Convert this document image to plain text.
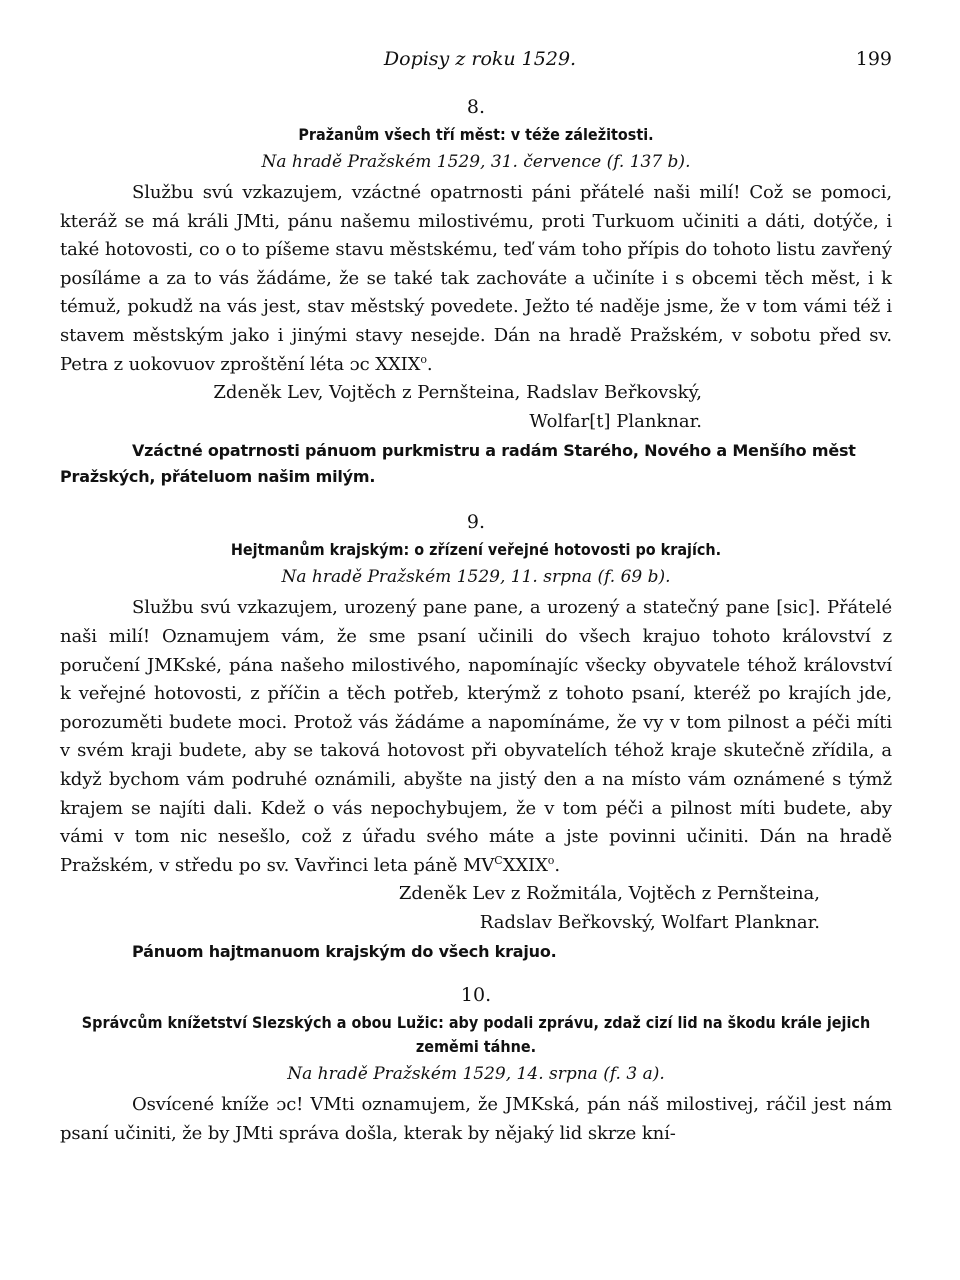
Dopisy z roku 1529.	199
8.
Pražanům všech tří měst: v téže záležitosti.
Na hradě Pražském 1529, 31. července (f. 137 b).

Službu svú vzkazujem, vzáctné opatrnosti páni přátelé naši milí! Což se pomoci, kteráž se má králi JMti, pánu našemu milostivému, proti Turkuom učiniti a dáti, dotýče, i také hotovosti, co o to píšeme stavu městskému, teď vám toho přípis do tohoto listu zavřený posíláme a za to vás žádáme, že se také tak zachováte a učiníte i s obcemi těch měst, i k témuž, pokudž na vás jest, stav městský povedete. Ježto té naděje jsme, že v tom vámi též i stavem městským jako i jinými stavy nesejde. Dán na hradě Pražském, v sobotu před sv. Petra z uokovuov zproštění léta ɔc XXIX$^o$.

Zdeněk Lev, Vojtěch z Pernšteina, Radslav Beřkovský,

Wolfar[t] Planknar.

Vzáctné opatrnosti pánuom purkmistru a radám Starého, Nového a Menšího měst Pražských, přáteluom našim milým.

9.
Hejtmanům krajským: o zřízení veřejné hotovosti po krajích.
Na hradě Pražském 1529, 11. srpna (f. 69 b).

Službu svú vzkazujem, urozený pane pane, a urozený a statečný pane [sic]. Přátelé naši milí! Oznamujem vám, že sme psaní učinili do všech krajuo tohoto království z poručení JMKské, pána našeho milostivého, napomínajíc všecky obyvatele téhož království k veřejné hotovosti, z příčin a těch potřeb, kterýmž z tohoto psaní, kteréž po krajích jde, porozuměti budete moci. Protož vás žádáme a napomínáme, že vy v tom pilnost a péči míti v svém kraji budete, aby se taková hotovost při obyvatelích téhož kraje skutečně zřídila, a když bychom vám podruhé oznámili, abyšte na jistý den a na místo vám oznámené s týmž krajem se najíti dali. Kdež o vás nepochybujem, že v tom péči a pilnost míti budete, aby vámi v tom nic nesešlo, což z úřadu svého máte a jste povinni učiniti. Dán na hradě Pražském, v středu po sv. Vavřinci leta páně $MV^CXXIX^o$.

Zdeněk Lev z Rožmitála, Vojtěch z Pernšteina,

Radslav Beřkovský, Wolfart Planknar.

Pánuom hajtmanuom krajským do všech krajuo.

10.
Správcům knížetství Slezských a obou Lužic: aby podali zprávu, zdaž cizí lid na škodu krále jejich zeměmi táhne.
Na hradě Pražském 1529, 14. srpna (f. 3 a).

Osvícené kníže ɔc! VMti oznamujem, že JMKská, pán náš milostivej, ráčil jest nám psaní učiniti, že by JMti správa došla, kterak by nějaký lid skrze kní-
